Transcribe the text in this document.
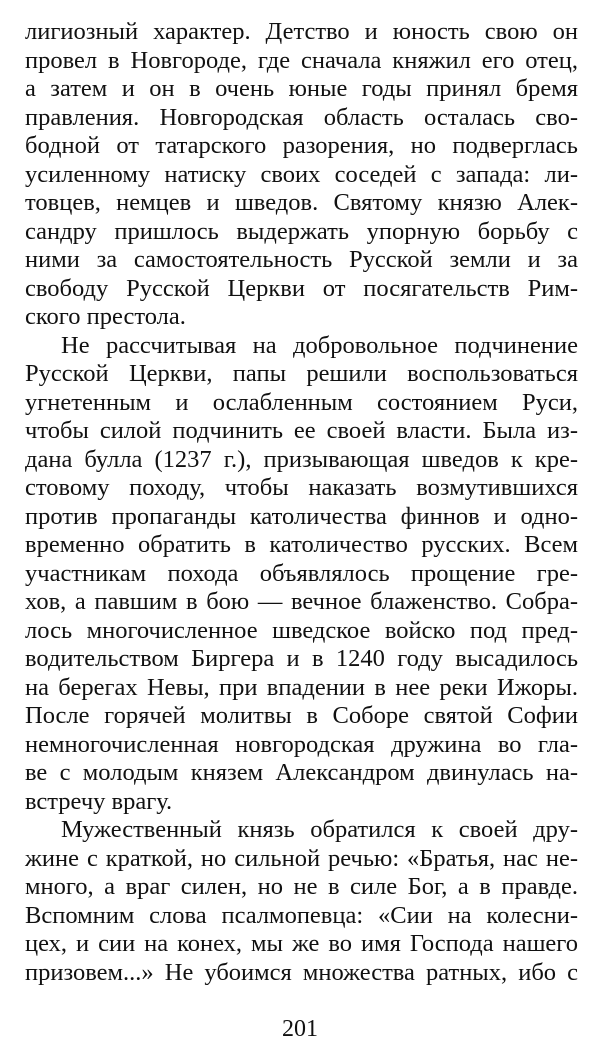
лигиозный характер. Детство и юность свою он
провел в Новгороде, где сначала княжил его отец,
а затем и он в очень юные годы принял бремя
правления. Новгородская область осталась сво-
бодной от татарского разорения, но подверглась
усиленному натиску своих соседей с запада: ли-
товцев, немцев и шведов. Святому князю Алек-
сандру пришлось выдержать упорную борьбу с
ними за самостоятельность Русской земли и за
свободу Русской Церкви от посягательств Рим-
ского престола.
Не рассчитывая на добровольное подчинение
Русской Церкви, папы решили воспользоваться
угнетенным и ослабленным состоянием Руси,
чтобы силой подчинить ее своей власти. Была из-
дана булла (1237 г.), призывающая шведов к кре-
стовому походу, чтобы наказать возмутившихся
против пропаганды католичества финнов и одно-
временно обратить в католичество русских. Всем
участникам похода объявлялось прощение гре-
хов, а павшим в бою — вечное блаженство. Собра-
лось многочисленное шведское войско под пред-
водительством Биргера и в 1240 году высадилось
на берегах Невы, при впадении в нее реки Ижоры.
После горячей молитвы в Соборе святой Софии
немногочисленная новгородская дружина во гла-
ве с молодым князем Александром двинулась на-
встречу врагу.
Мужественный князь обратился к своей дру-
жине с краткой, но сильной речью: «Братья, нас не-
много, а враг силен, но не в силе Бог, а в правде.
Вспомним слова псалмопевца: «Сии на колесни-
цех, и сии на конех, мы же во имя Господа нашего
призовем...» Не убоимся множества ратных, ибо с
201
